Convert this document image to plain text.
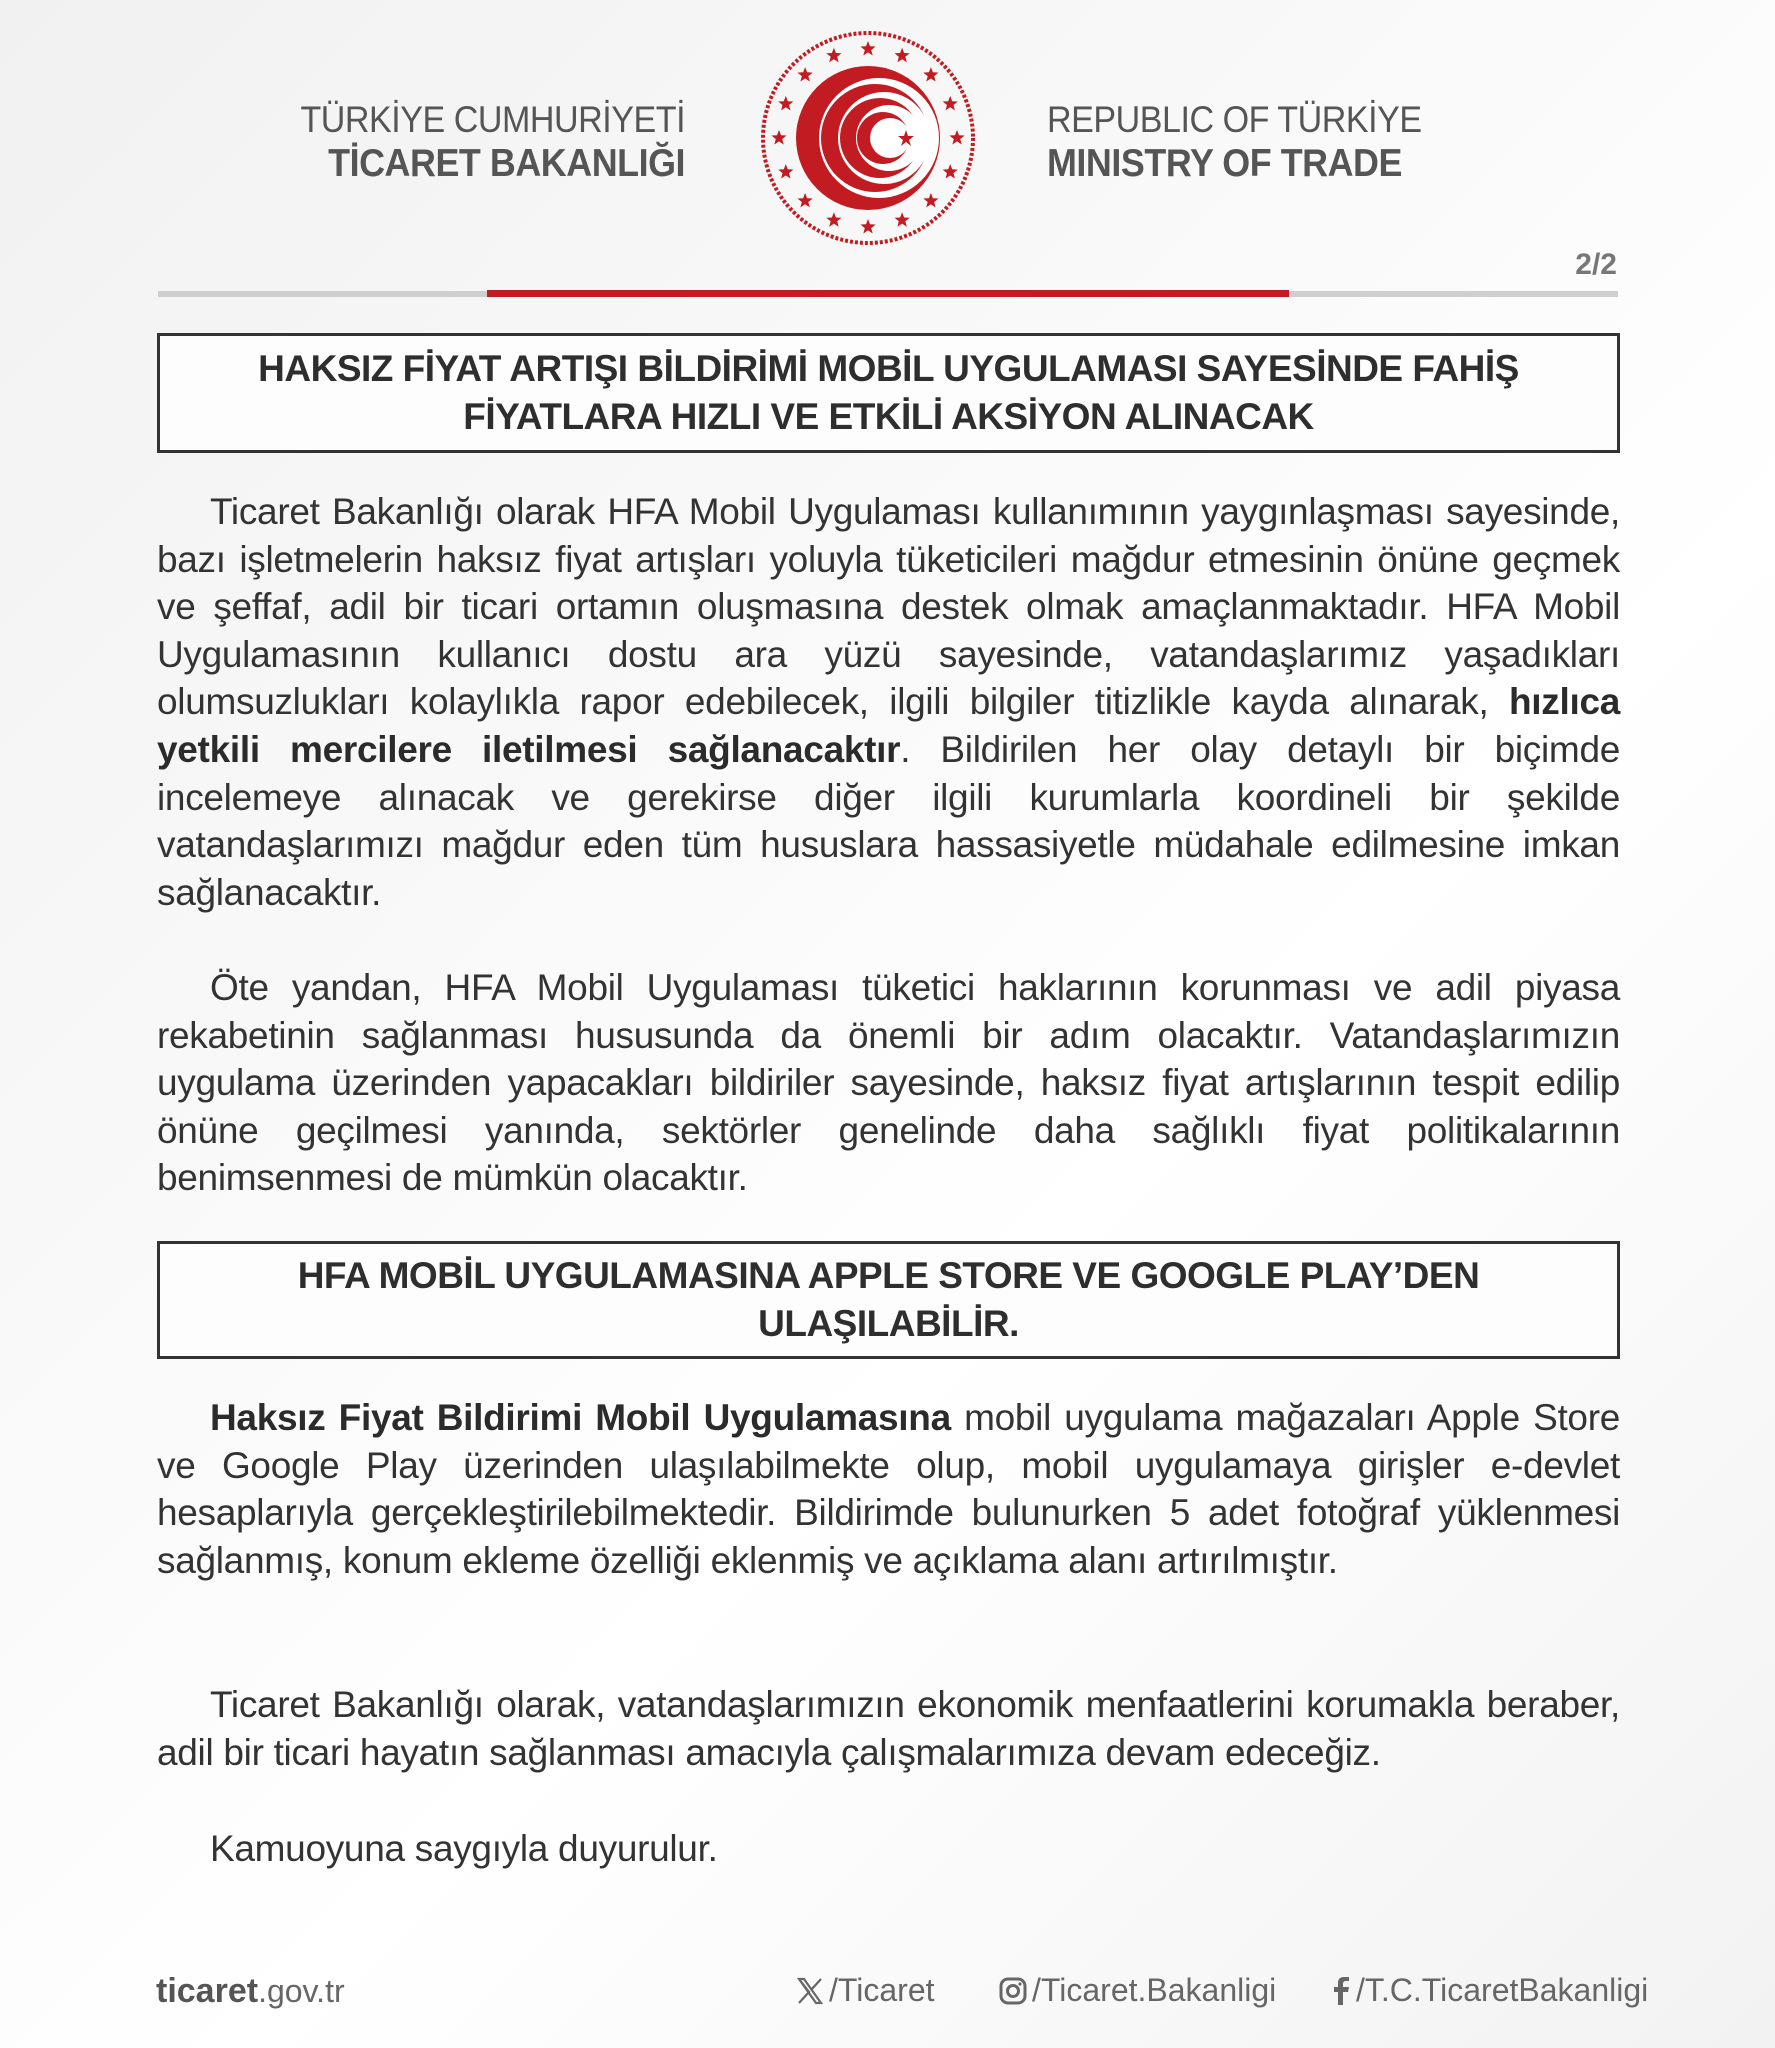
TÜRKİYE CUMHURİYETİ
TİCARET BAKANLIĞI
REPUBLIC OF TÜRKİYE
MINISTRY OF TRADE
2/2
HAKSIZ FİYAT ARTIŞI BİLDİRİMİ MOBİL UYGULAMASI SAYESİNDE FAHİŞ
FİYATLARA HIZLI VE ETKİLİ AKSİYON ALINACAK
Ticaret Bakanlığı olarak HFA Mobil Uygulaması kullanımının yaygınlaşması sayesinde, bazı işletmelerin haksız fiyat artışları yoluyla tüketicileri mağdur etmesinin önüne geçmek ve şeffaf, adil bir ticari ortamın oluşmasına destek olmak amaçlanmaktadır. HFA Mobil Uygulamasının kullanıcı dostu ara yüzü sayesinde, vatandaşlarımız yaşadıkları olumsuzlukları kolaylıkla rapor edebilecek, ilgili bilgiler titizlikle kayda alınarak, hızlıca yetkili mercilere iletilmesi sağlanacaktır. Bildirilen her olay detaylı bir biçimde incelemeye alınacak ve gerekirse diğer ilgili kurumlarla koordineli bir şekilde vatandaşlarımızı mağdur eden tüm hususlara hassasiyetle müdahale edilmesine imkan sağlanacaktır.
Öte yandan, HFA Mobil Uygulaması tüketici haklarının korunması ve adil piyasa rekabetinin sağlanması hususunda da önemli bir adım olacaktır. Vatandaşlarımızın uygulama üzerinden yapacakları bildiriler sayesinde, haksız fiyat artışlarının tespit edilip önüne geçilmesi yanında, sektörler genelinde daha sağlıklı fiyat politikalarının benimsenmesi de mümkün olacaktır.
HFA MOBİL UYGULAMASINA APPLE STORE VE GOOGLE PLAY’DEN
ULAŞILABİLİR.
Haksız Fiyat Bildirimi Mobil Uygulamasına mobil uygulama mağazaları Apple Store ve Google Play üzerinden ulaşılabilmekte olup, mobil uygulamaya girişler e-devlet hesaplarıyla gerçekleştirilebilmektedir. Bildirimde bulunurken 5 adet fotoğraf yüklenmesi sağlanmış, konum ekleme özelliği eklenmiş ve açıklama alanı artırılmıştır.
Ticaret Bakanlığı olarak, vatandaşlarımızın ekonomik menfaatlerini korumakla beraber, adil bir ticari hayatın sağlanması amacıyla çalışmalarımıza devam edeceğiz.
Kamuoyuna saygıyla duyurulur.
ticaret.gov.tr	/Ticaret	/Ticaret.Bakanligi /T.C.TicaretBakanligi
